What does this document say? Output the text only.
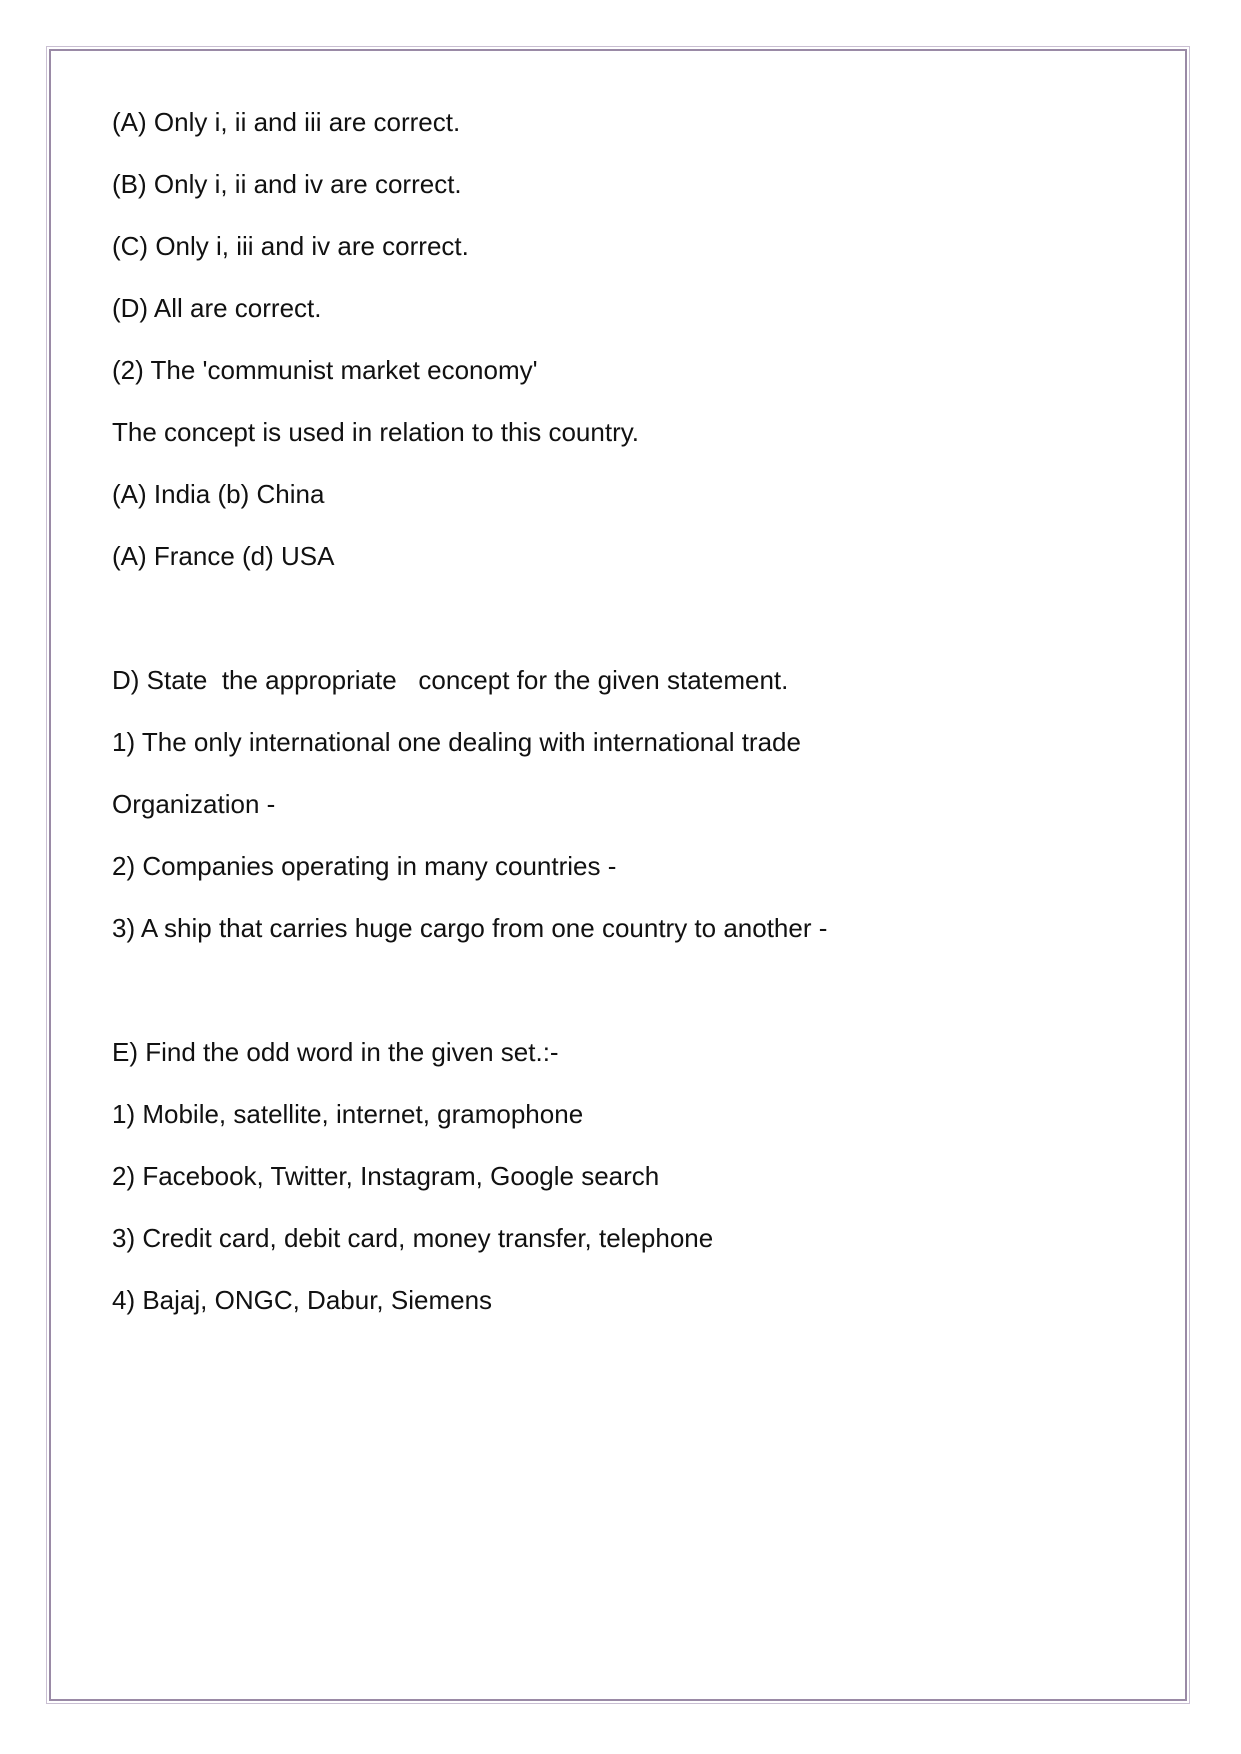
(A) Only i, ii and iii are correct.
(B) Only i, ii and iv are correct.
(C) Only i, iii and iv are correct.
(D) All are correct.
(2) The 'communist market economy'
The concept is used in relation to this country.
(A) India (b) China
(A) France (d) USA
D) State  the appropriate   concept for the given statement.
1) The only international one dealing with international trade
Organization -
2) Companies operating in many countries -
3) A ship that carries huge cargo from one country to another -
E) Find the odd word in the given set.:-
1) Mobile, satellite, internet, gramophone
2) Facebook, Twitter, Instagram, Google search
3) Credit card, debit card, money transfer, telephone
4) Bajaj, ONGC, Dabur, Siemens
